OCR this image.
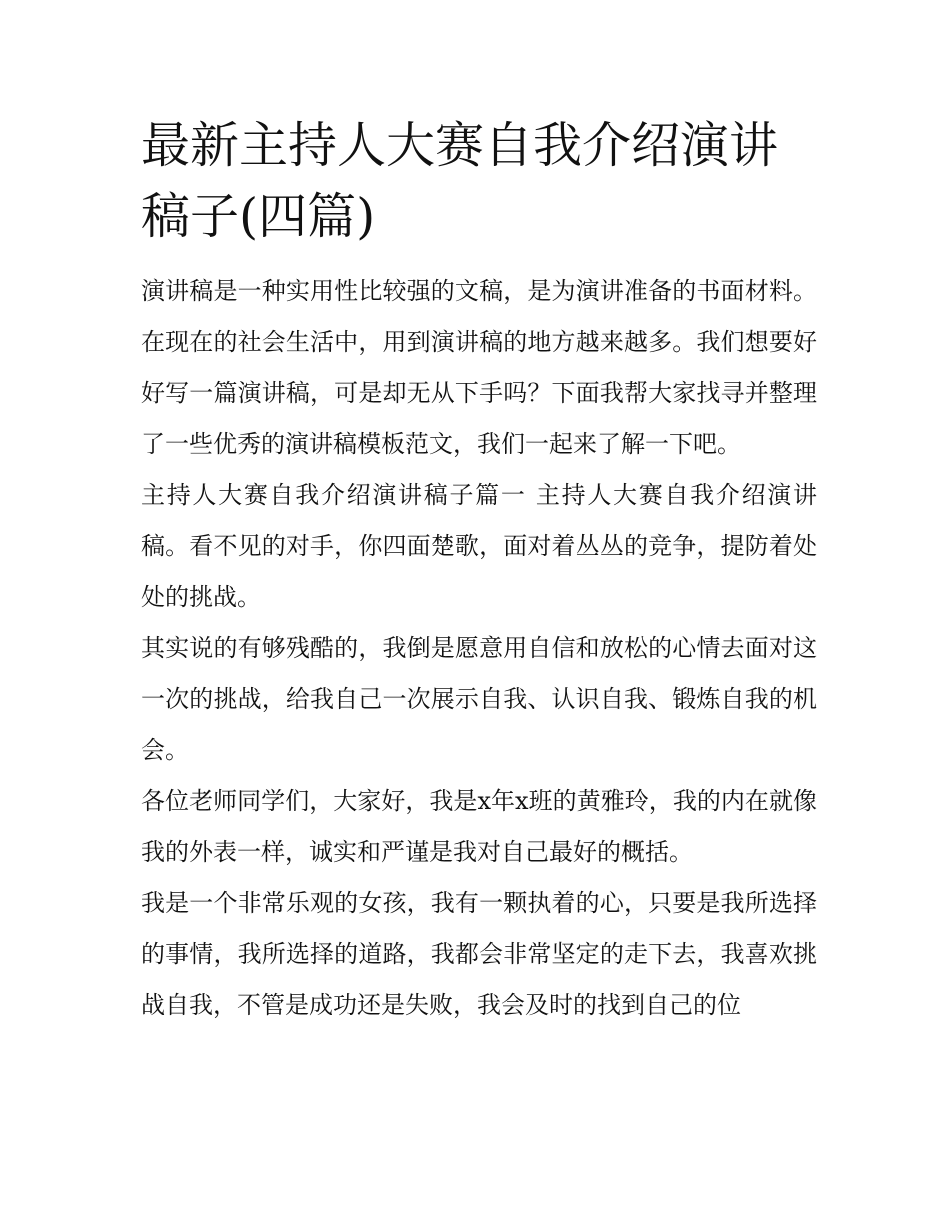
最新主持人大赛自我介绍演讲
稿子(四篇)

演讲稿是一种实用性比较强的文稿，是为演讲准备的书面材料。在现在的社会生活中，用到演讲稿的地方越来越多。我们想要好好写一篇演讲稿，可是却无从下手吗？下面我帮大家找寻并整理了一些优秀的演讲稿模板范文，我们一起来了解一下吧。

主持人大赛自我介绍演讲稿子篇一 主持人大赛自我介绍演讲稿。看不见的对手，你四面楚歌，面对着丛丛的竞争，提防着处处的挑战。

其实说的有够残酷的，我倒是愿意用自信和放松的心情去面对这一次的挑战，给我自己一次展示自我、认识自我、锻炼自我的机会。

各位老师同学们，大家好，我是x年x班的黄雅玲，我的内在就像我的外表一样，诚实和严谨是我对自己最好的概括。

我是一个非常乐观的女孩，我有一颗执着的心，只要是我所选择的事情，我所选择的道路，我都会非常坚定的走下去，我喜欢挑战自我，不管是成功还是失败，我会及时的找到自己的位
